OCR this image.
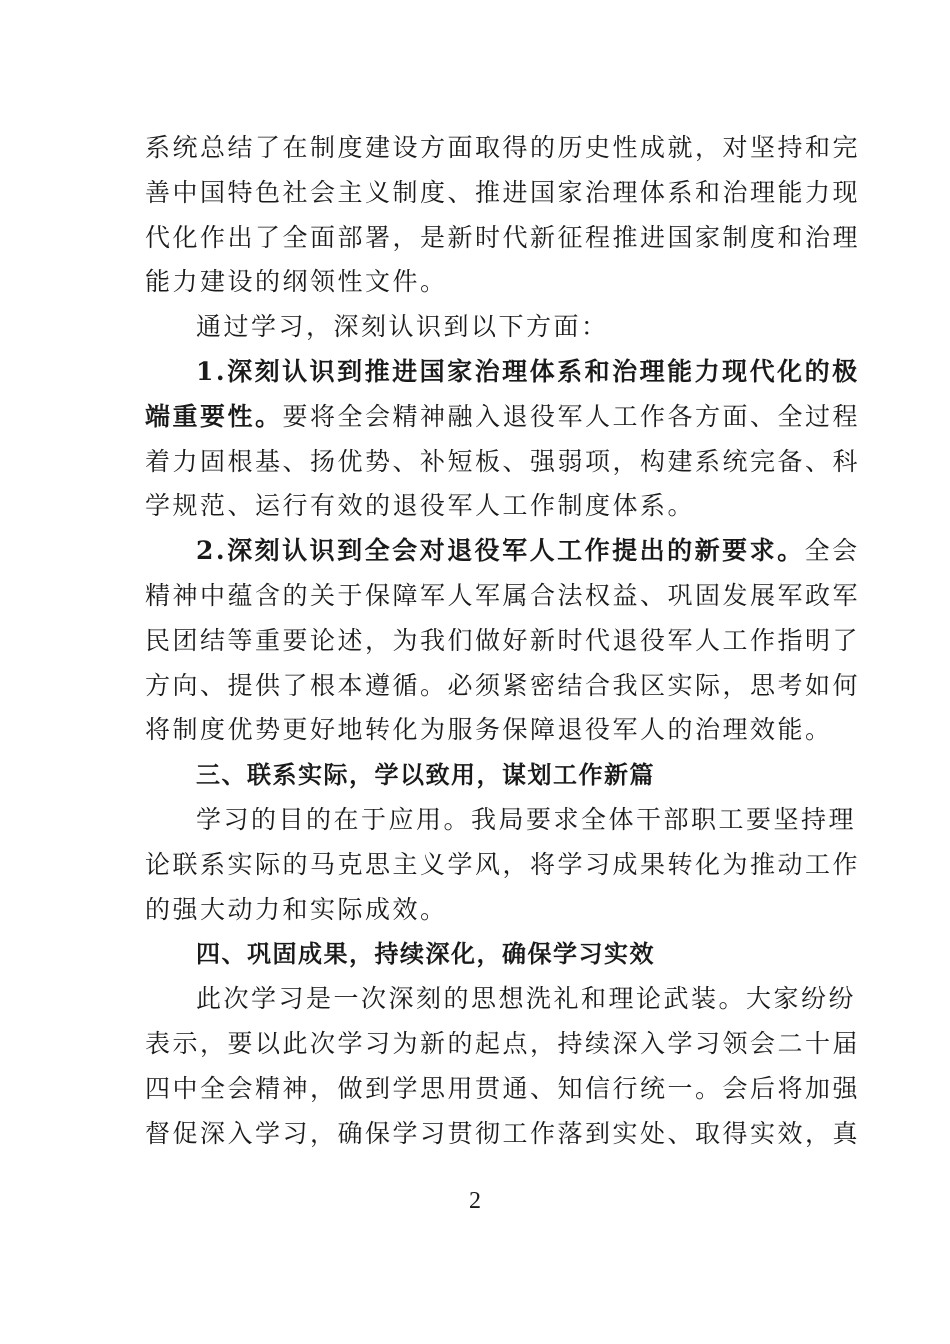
系统总结了在制度建设方面取得的历史性成就，对坚持和完
善中国特色社会主义制度、推进国家治理体系和治理能力现
代化作出了全面部署，是新时代新征程推进国家制度和治理
能力建设的纲领性文件。
通过学习，深刻认识到以下方面：
1.深刻认识到推进国家治理体系和治理能力现代化的极
端重要性。要将全会精神融入退役军人工作各方面、全过程
着力固根基、扬优势、补短板、强弱项，构建系统完备、科
学规范、运行有效的退役军人工作制度体系。
2.深刻认识到全会对退役军人工作提出的新要求。全会
精神中蕴含的关于保障军人军属合法权益、巩固发展军政军
民团结等重要论述，为我们做好新时代退役军人工作指明了
方向、提供了根本遵循。必须紧密结合我区实际，思考如何
将制度优势更好地转化为服务保障退役军人的治理效能。
三、联系实际，学以致用，谋划工作新篇
学习的目的在于应用。我局要求全体干部职工要坚持理
论联系实际的马克思主义学风，将学习成果转化为推动工作
的强大动力和实际成效。
四、巩固成果，持续深化，确保学习实效
此次学习是一次深刻的思想洗礼和理论武装。大家纷纷
表示，要以此次学习为新的起点，持续深入学习领会二十届
四中全会精神，做到学思用贯通、知信行统一。会后将加强
督促深入学习，确保学习贯彻工作落到实处、取得实效，真
2
